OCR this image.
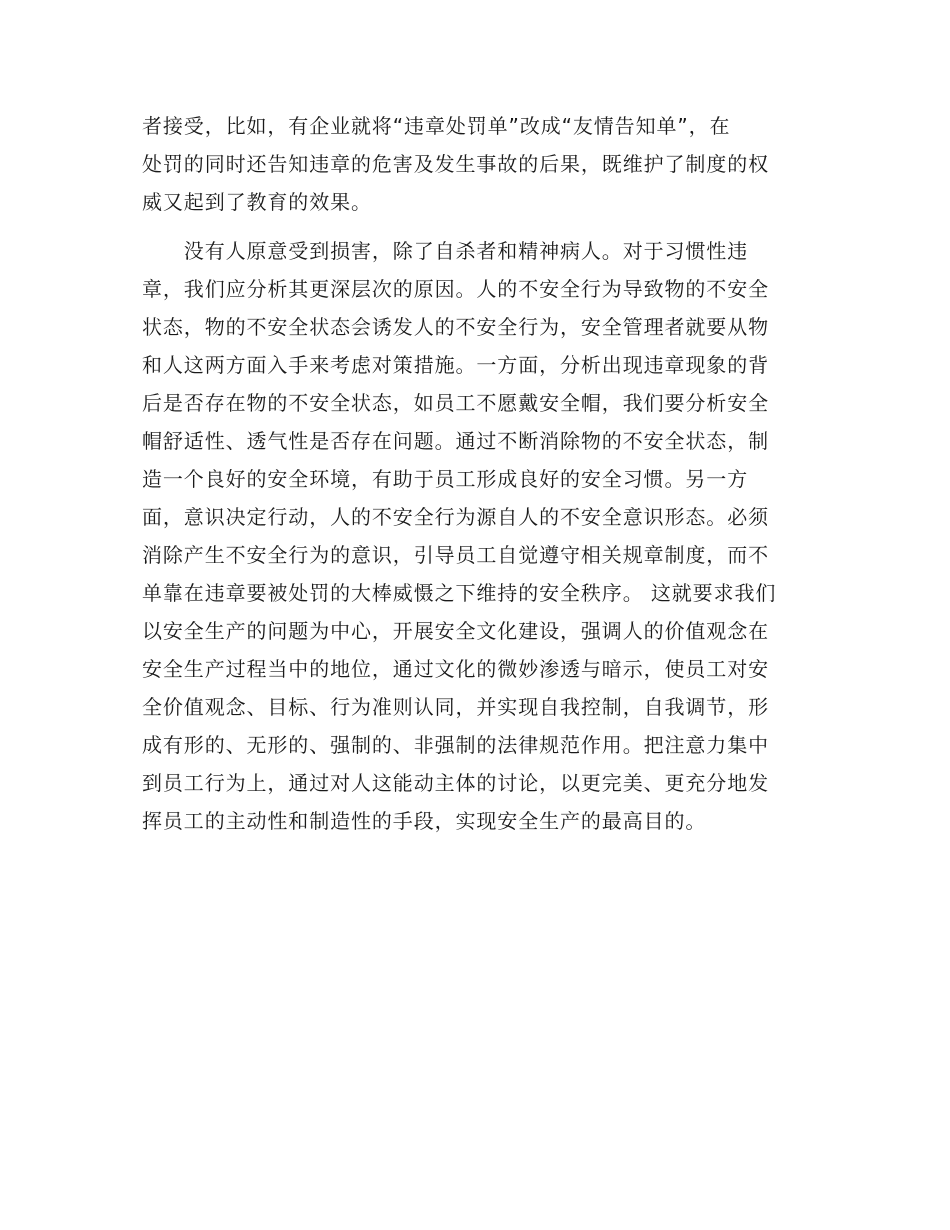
者接受，比如，有企业就将“违章处罚单”改成“友情告知单”，在
处罚的同时还告知违章的危害及发生事故的后果，既维护了制度的权
威又起到了教育的效果。
　　没有人原意受到损害，除了自杀者和精神病人。对于习惯性违
章，我们应分析其更深层次的原因。人的不安全行为导致物的不安全
状态，物的不安全状态会诱发人的不安全行为，安全管理者就要从物
和人这两方面入手来考虑对策措施。一方面，分析出现违章现象的背
后是否存在物的不安全状态，如员工不愿戴安全帽，我们要分析安全
帽舒适性、透气性是否存在问题。通过不断消除物的不安全状态，制
造一个良好的安全环境，有助于员工形成良好的安全习惯。另一方
面，意识决定行动，人的不安全行为源自人的不安全意识形态。必须
消除产生不安全行为的意识，引导员工自觉遵守相关规章制度，而不
单靠在违章要被处罚的大棒威慑之下维持的安全秩序。 这就要求我们
以安全生产的问题为中心，开展安全文化建设，强调人的价值观念在
安全生产过程当中的地位，通过文化的微妙渗透与暗示，使员工对安
全价值观念、目标、行为准则认同，并实现自我控制，自我调节，形
成有形的、无形的、强制的、非强制的法律规范作用。把注意力集中
到员工行为上，通过对人这能动主体的讨论，以更完美、更充分地发
挥员工的主动性和制造性的手段，实现安全生产的最高目的。
